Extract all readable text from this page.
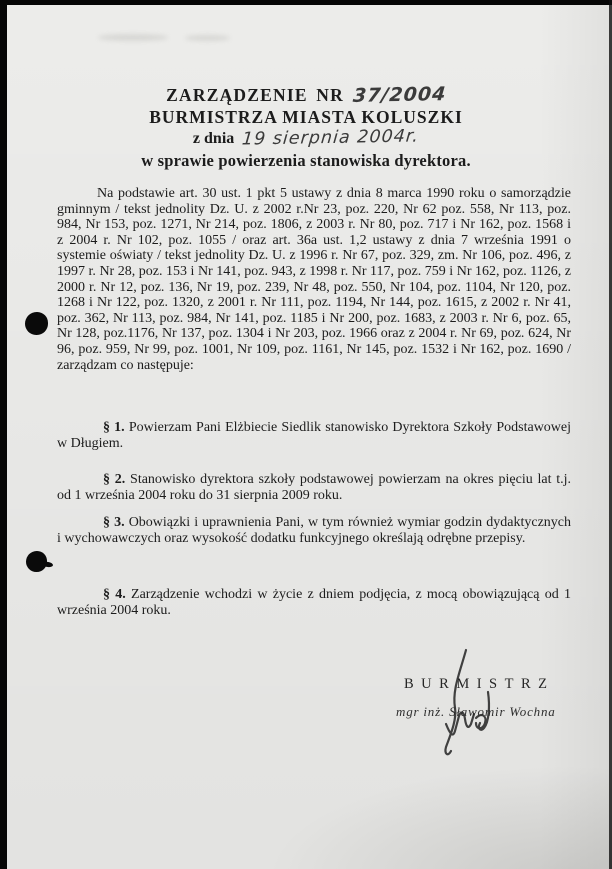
ZARZĄDZENIE NR 37/2004
BURMISTRZA MIASTA KOLUSZKI
z dnia 19 sierpnia 2004r.
w sprawie powierzenia stanowiska dyrektora.

Na podstawie art. 30 ust. 1 pkt 5 ustawy z dnia 8 marca 1990 roku o samorządzie gminnym / tekst jednolity Dz. U. z 2002 r.Nr 23, poz. 220, Nr 62 poz. 558, Nr 113, poz. 984, Nr 153, poz. 1271, Nr 214, poz. 1806, z 2003 r. Nr 80, poz. 717 i Nr 162, poz. 1568 i z 2004 r. Nr 102, poz. 1055 / oraz art. 36a ust. 1,2 ustawy z dnia 7 września 1991 o systemie oświaty / tekst jednolity Dz. U. z 1996 r. Nr 67, poz. 329, zm. Nr 106, poz. 496, z 1997 r. Nr 28, poz. 153 i Nr 141, poz. 943, z 1998 r. Nr 117, poz. 759 i Nr 162, poz. 1126, z 2000 r. Nr 12, poz. 136, Nr 19, poz. 239, Nr 48, poz. 550, Nr 104, poz. 1104, Nr 120, poz. 1268 i Nr 122, poz. 1320, z 2001 r. Nr 111, poz. 1194, Nr 144, poz. 1615, z 2002 r. Nr 41, poz. 362, Nr 113, poz. 984, Nr 141, poz. 1185 i Nr 200, poz. 1683, z 2003 r. Nr 6, poz. 65, Nr 128, poz.1176, Nr 137, poz. 1304 i Nr 203, poz. 1966 oraz z 2004 r. Nr 69, poz. 624, Nr 96, poz. 959, Nr 99, poz. 1001, Nr 109, poz. 1161, Nr 145, poz. 1532 i Nr 162, poz. 1690 / zarządzam co następuje:

§ 1. Powierzam Pani Elżbiecie Siedlik stanowisko Dyrektora Szkoły Podstawowej w Długiem.

§ 2. Stanowisko dyrektora szkoły podstawowej powierzam na okres pięciu lat t.j. od 1 września 2004 roku do 31 sierpnia 2009 roku.

§ 3. Obowiązki i uprawnienia Pani, w tym również wymiar godzin dydaktycznych i wychowawczych oraz wysokość dodatku funkcyjnego określają odrębne przepisy.

§ 4. Zarządzenie wchodzi w życie z dniem podjęcia, z mocą obowiązującą od 1 września 2004 roku.

BURMISTRZ
mgr inż. Sławomir Wochna
